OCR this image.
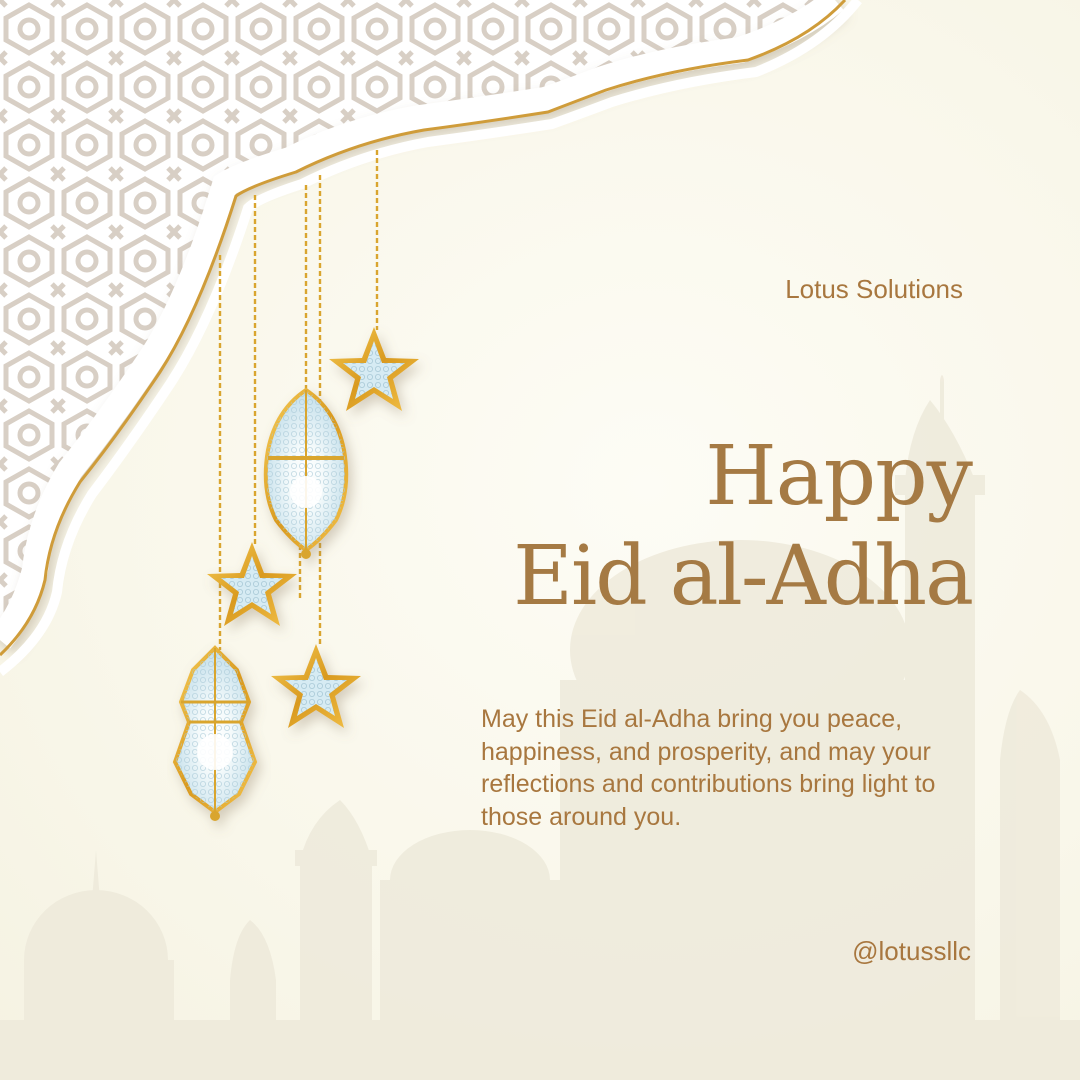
Lotus Solutions
Happy
Eid al-Adha
May this Eid al-Adha bring you peace, happiness, and prosperity, and may your reflections and contributions bring light to those around you.
@lotussllc
